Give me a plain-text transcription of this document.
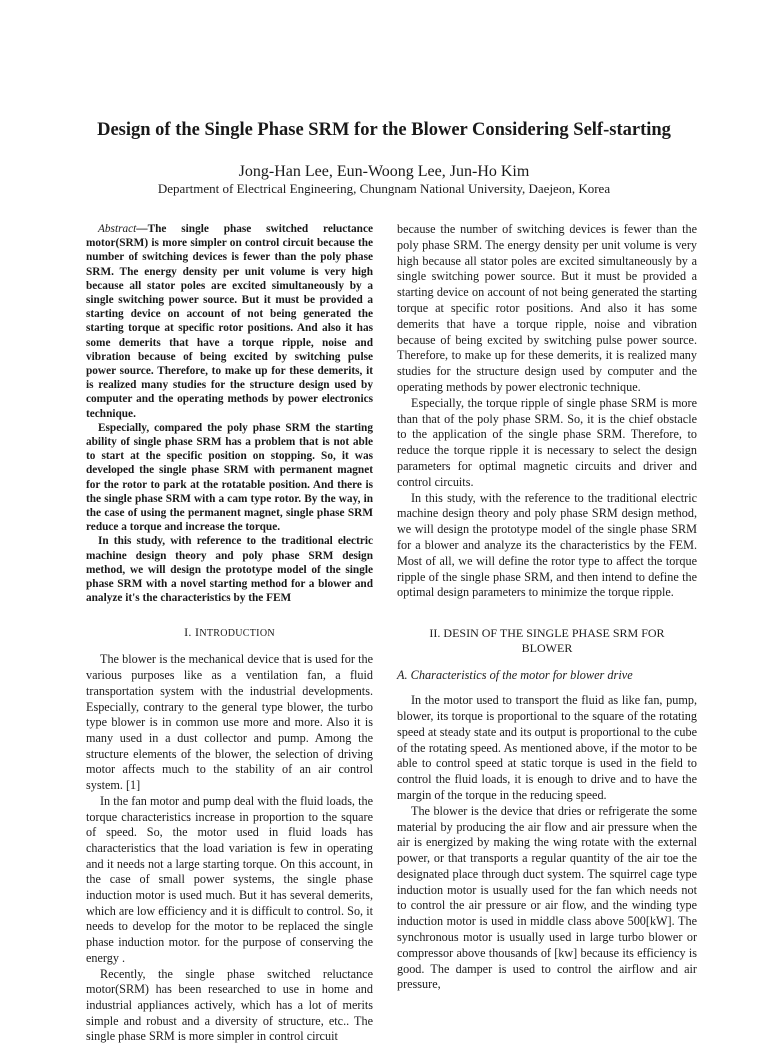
Design of the Single Phase SRM for the Blower Considering Self-starting
Jong-Han Lee, Eun-Woong Lee, Jun-Ho Kim
Department of Electrical Engineering, Chungnam National University, Daejeon, Korea

Abstract—The single phase switched reluctance motor(SRM) is more simpler on control circuit because the number of switching devices is fewer than the poly phase SRM. The energy density per unit volume is very high because all stator poles are excited simultaneously by a single switching power source. But it must be provided a starting device on account of not being generated the starting torque at specific rotor positions. And also it has some demerits that have a torque ripple, noise and vibration because of being excited by switching pulse power source. Therefore, to make up for these demerits, it is realized many studies for the structure design used by computer and the operating methods by power electronics technique.

Especially, compared the poly phase SRM the starting ability of single phase SRM has a problem that is not able to start at the specific position on stopping. So, it was developed the single phase SRM with permanent magnet for the rotor to park at the rotatable position. And there is the single phase SRM with a cam type rotor. By the way, in the case of using the permanent magnet, single phase SRM reduce a torque and increase the torque.

In this study, with reference to the traditional electric machine design theory and poly phase SRM design method, we will design the prototype model of the single phase SRM with a novel starting method for a blower and analyze it's the characteristics by the FEM

I. INTRODUCTION

The blower is the mechanical device that is used for the various purposes like as a ventilation fan, a fluid transportation system with the industrial developments. Especially, contrary to the general type blower, the turbo type blower is in common use more and more. Also it is many used in a dust collector and pump. Among the structure elements of the blower, the selection of driving motor affects much to the stability of an air control system. [1]

In the fan motor and pump deal with the fluid loads, the torque characteristics increase in proportion to the square of speed. So, the motor used in fluid loads has characteristics that the load variation is few in operating and it needs not a large starting torque. On this account, in the case of small power systems, the single phase induction motor is used much. But it has several demerits, which are low efficiency and it is difficult to control. So, it needs to develop for the motor to be replaced the single phase induction motor. for the purpose of conserving the energy .

Recently, the single phase switched reluctance motor(SRM) has been researched to use in home and industrial appliances actively, which has a lot of merits simple and robust and a diversity of structure, etc.. The single phase SRM is more simpler in control circuit

because the number of switching devices is fewer than the poly phase SRM. The energy density per unit volume is very high because all stator poles are excited simultaneously by a single switching power source. But it must be provided a starting device on account of not being generated the starting torque at specific rotor positions. And also it has some demerits that have a torque ripple, noise and vibration because of being excited by switching pulse power source. Therefore, to make up for these demerits, it is realized many studies for the structure design used by computer and the operating methods by power electronic technique.

Especially, the torque ripple of single phase SRM is more than that of the poly phase SRM. So, it is the chief obstacle to the application of the single phase SRM. Therefore, to reduce the torque ripple it is necessary to select the design parameters for optimal magnetic circuits and driver and control circuits.

In this study, with the reference to the traditional electric machine design theory and poly phase SRM design method, we will design the prototype model of the single phase SRM for a blower and analyze its the characteristics by the FEM. Most of all, we will define the rotor type to affect the torque ripple of the single phase SRM, and then intend to define the optimal design parameters to minimize the torque ripple.

II. DESIN OF THE SINGLE PHASE SRM FOR
BLOWER
A. Characteristics of the motor for blower drive

In the motor used to transport the fluid as like fan, pump, blower, its torque is proportional to the square of the rotating speed at steady state and its output is proportional to the cube of the rotating speed. As mentioned above, if the motor to be able to control speed at static torque is used in the field to control the fluid loads, it is enough to drive and to have the margin of the torque in the reducing speed.

The blower is the device that dries or refrigerate the some material by producing the air flow and air pressure when the air is energized by making the wing rotate with the external power, or that transports a regular quantity of the air toe the designated place through duct system. The squirrel cage type induction motor is usually used for the fan which needs not to control the air pressure or air flow, and the winding type induction motor is used in middle class above 500[kW]. The synchronous motor is usually used in large turbo blower or compressor above thousands of [kw] because its efficiency is good. The damper is used to control the airflow and air pressure,
